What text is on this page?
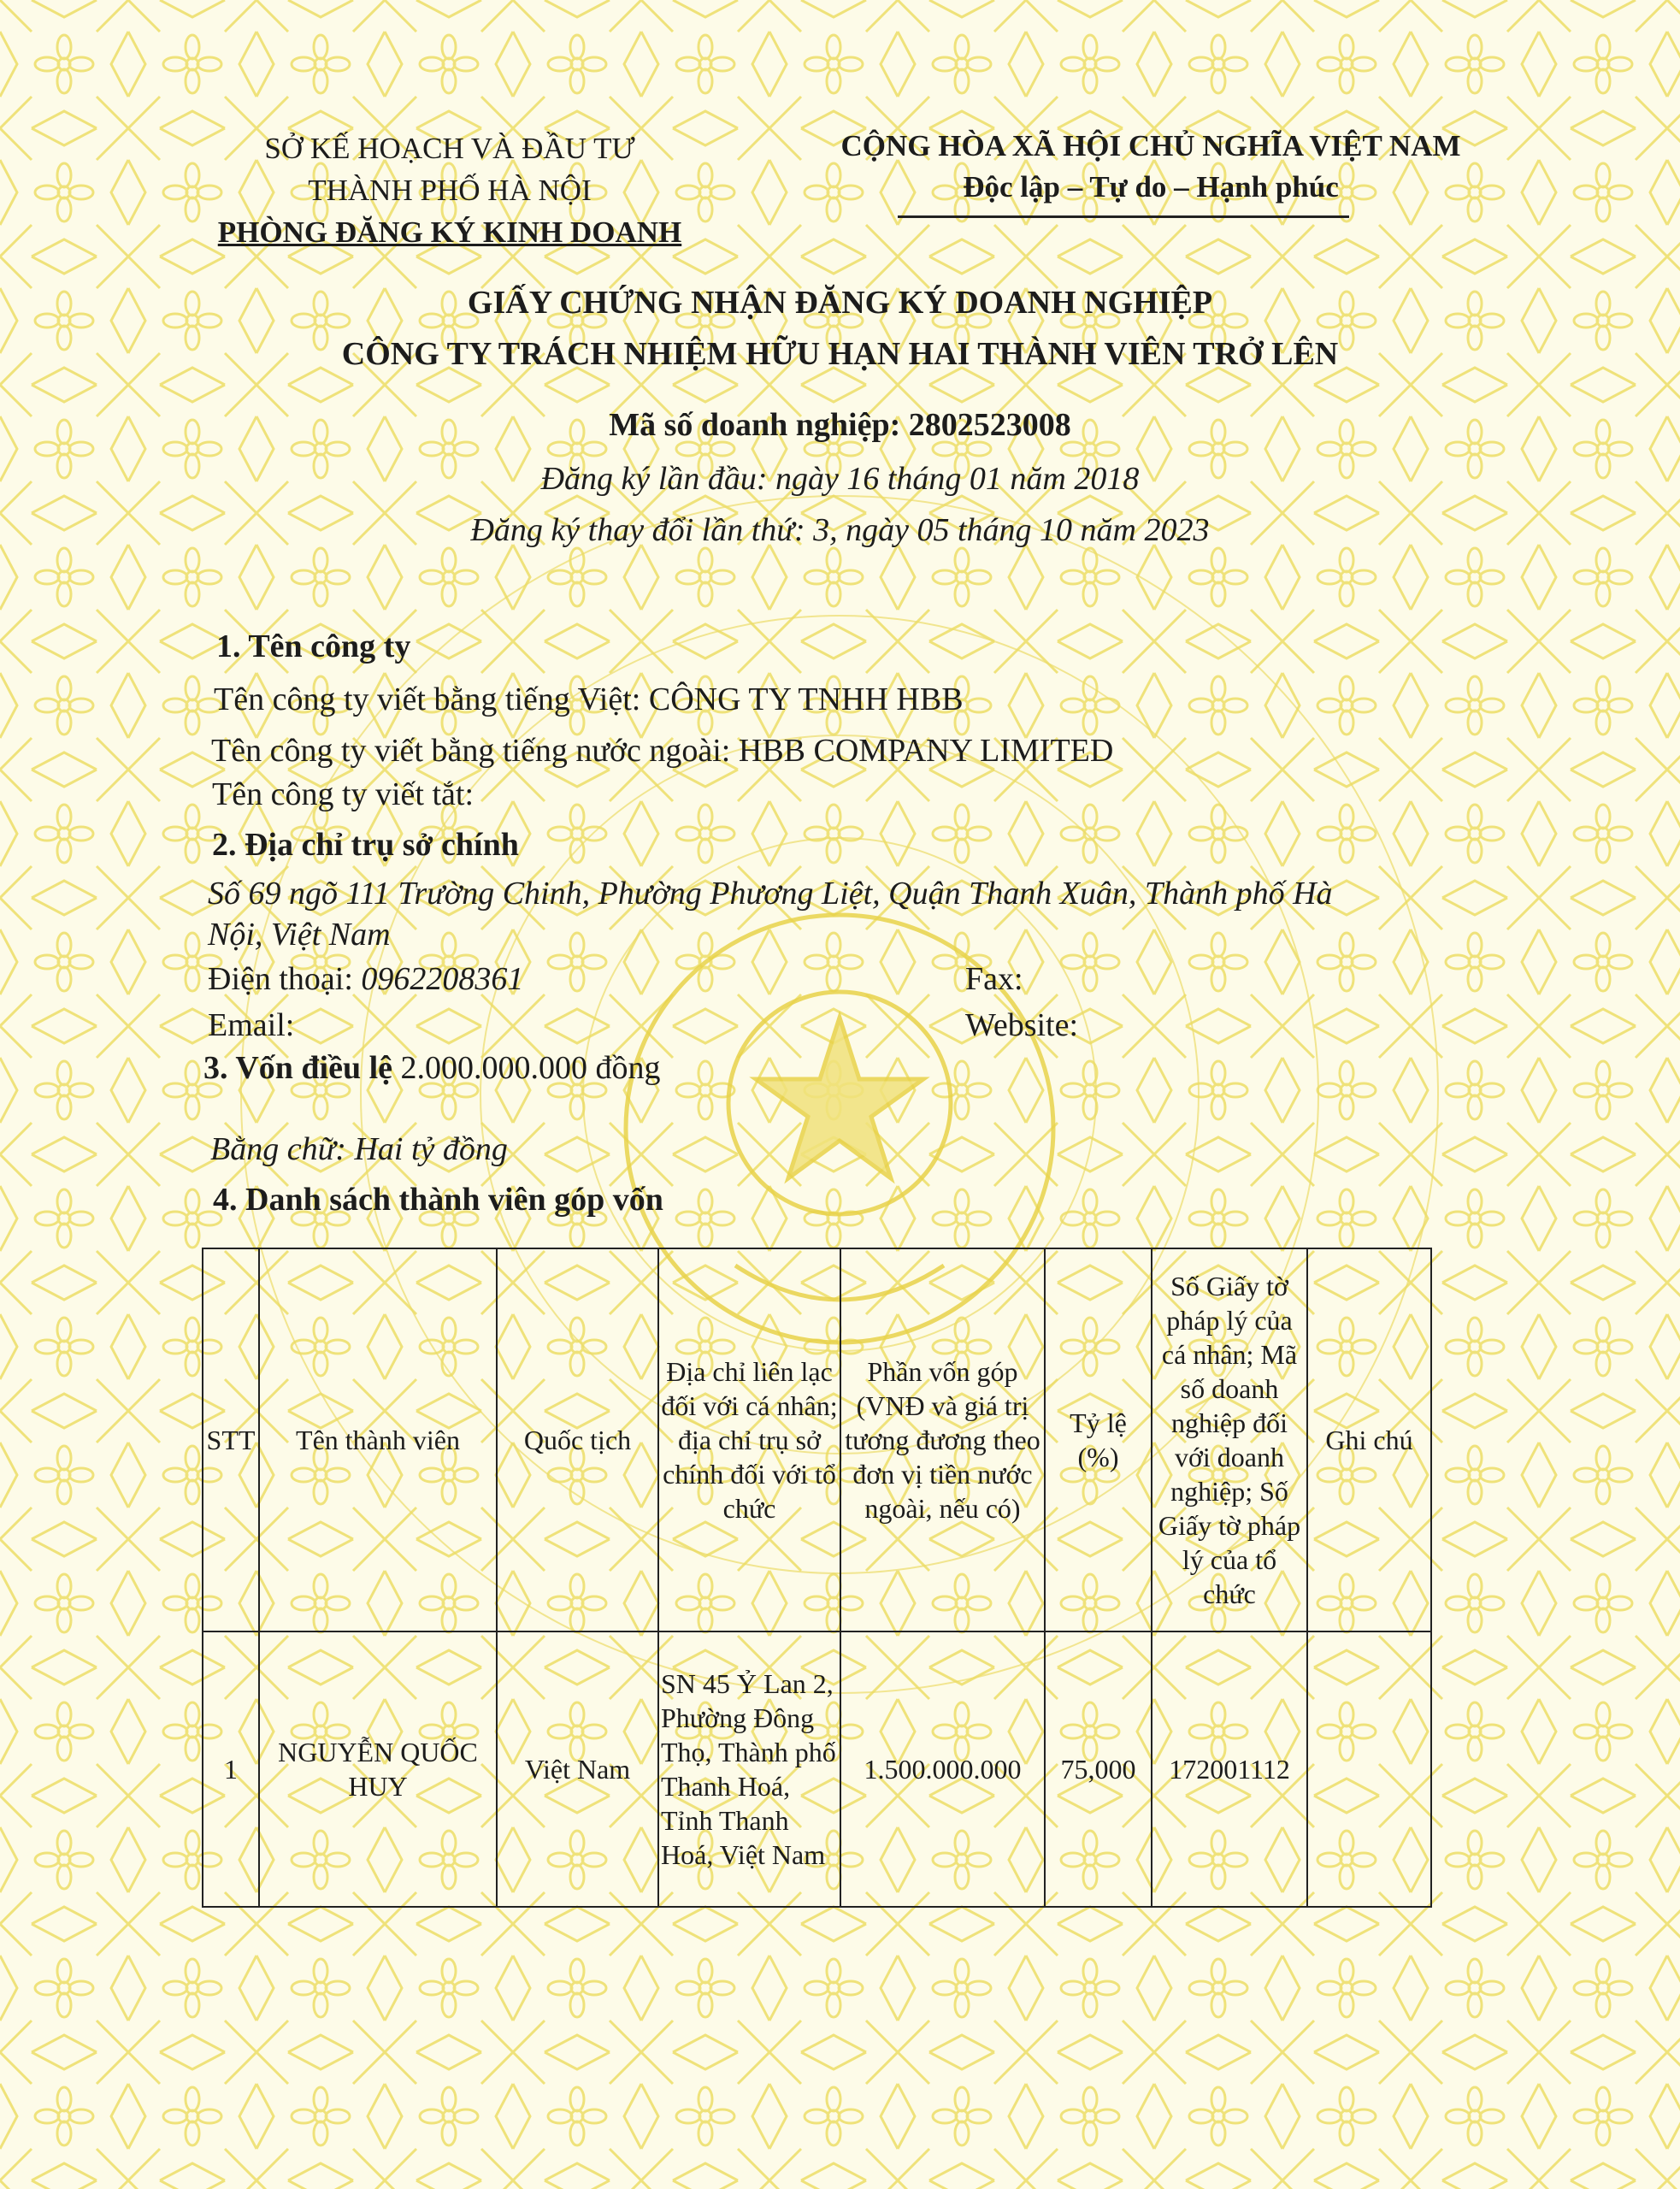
SỞ KẾ HOẠCH VÀ ĐẦU TƯ
THÀNH PHỐ HÀ NỘI
PHÒNG ĐĂNG KÝ KINH DOANH
CỘNG HÒA XÃ HỘI CHỦ NGHĨA VIỆT NAM
Độc lập – Tự do – Hạnh phúc
GIẤY CHỨNG NHẬN ĐĂNG KÝ DOANH NGHIỆP
CÔNG TY TRÁCH NHIỆM HỮU HẠN HAI THÀNH VIÊN TRỞ LÊN
Mã số doanh nghiệp: 2802523008
Đăng ký lần đầu: ngày 16 tháng 01 năm 2018
Đăng ký thay đổi lần thứ: 3, ngày 05 tháng 10 năm 2023
1. Tên công ty
Tên công ty viết bằng tiếng Việt: CÔNG TY TNHH HBB
Tên công ty viết bằng tiếng nước ngoài: HBB COMPANY LIMITED
Tên công ty viết tắt:
2. Địa chỉ trụ sở chính
Số 69 ngõ 111 Trường Chinh, Phường Phương Liệt, Quận Thanh Xuân, Thành phố Hà
Nội, Việt Nam
Điện thoại: 0962208361	Fax:
Email:	Website:
3. Vốn điều lệ 2.000.000.000 đồng
Bằng chữ: Hai tỷ đồng
4. Danh sách thành viên góp vốn
STT	Tên thành viên	Quốc tịch	Địa chỉ liên lạc đối với cá nhân; địa chỉ trụ sở chính đối với tổ chức	Phần vốn góp (VNĐ và giá trị tương đương theo đơn vị tiền nước ngoài, nếu có)	Tỷ lệ (%)	Số Giấy tờ pháp lý của cá nhân; Mã số doanh nghiệp đối với doanh nghiệp; Số Giấy tờ pháp lý của tổ chức	Ghi chú
1	NGUYỄN QUỐC HUY	Việt Nam	SN 45 Ỷ Lan 2, Phường Đông Thọ, Thành phố Thanh Hoá, Tỉnh Thanh Hoá, Việt Nam	1.500.000.000	75,000	172001112	
